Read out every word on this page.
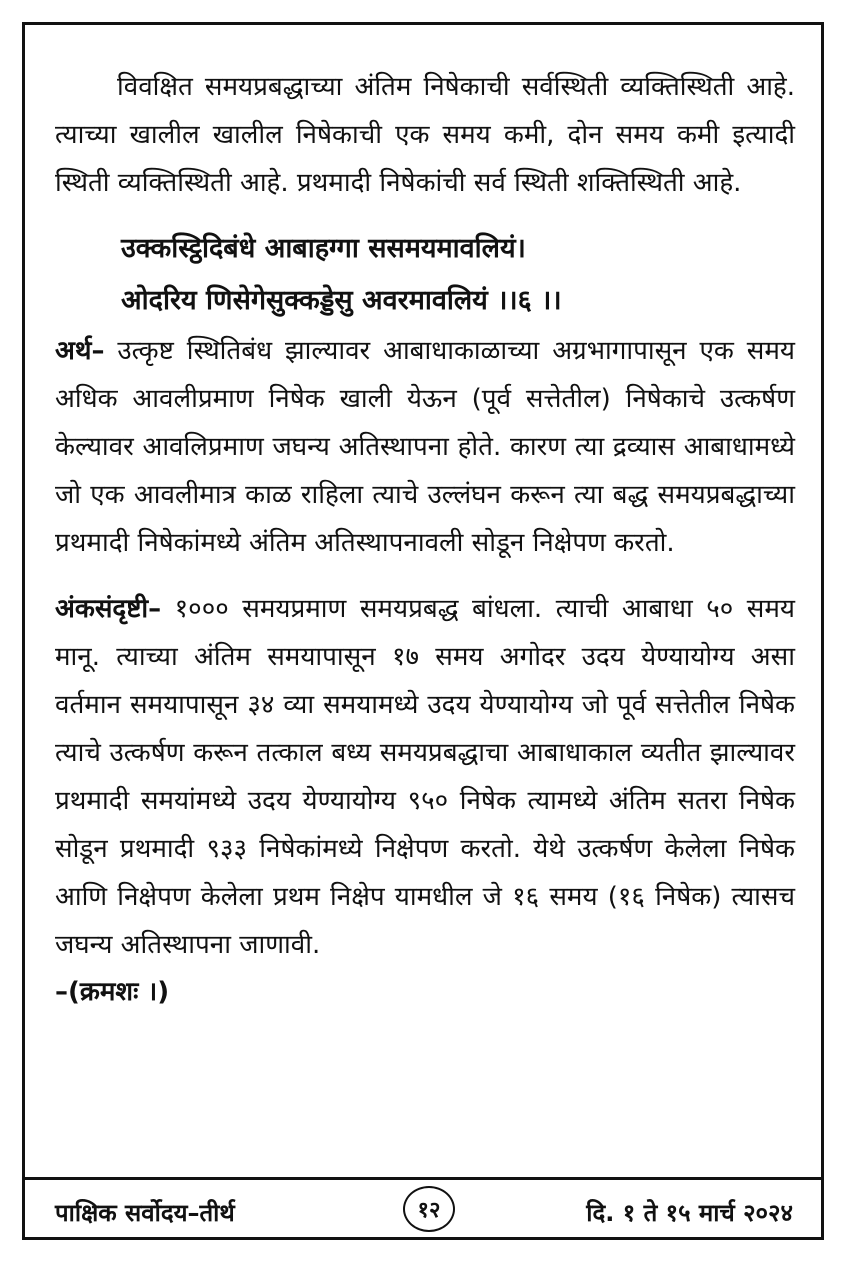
विवक्षित समयप्रबद्धाच्या अंतिम निषेकाची सर्वस्थिती व्यक्तिस्थिती आहे. त्याच्या खालील खालील निषेकाची एक समय कमी, दोन समय कमी इत्यादी स्थिती व्यक्तिस्थिती आहे. प्रथमादी निषेकांची सर्व स्थिती शक्तिस्थिती आहे.

उक्कस्ट्ठिदिबंधे आबाहग्गा ससमयमावलियं।
ओदरिय णिसेगेसुक्कड्डेसु अवरमावलियं ।।६ ।।

अर्थ– उत्कृष्ट स्थितिबंध झाल्यावर आबाधाकाळाच्या अग्रभागापासून एक समय अधिक आवलीप्रमाण निषेक खाली येऊन (पूर्व सत्तेतील) निषेकाचे उत्कर्षण केल्यावर आवलिप्रमाण जघन्य अतिस्थापना होते. कारण त्या द्रव्यास आबाधामध्ये जो एक आवलीमात्र काळ राहिला त्याचे उल्लंघन करून त्या बद्ध समयप्रबद्धाच्या प्रथमादी निषेकांमध्ये अंतिम अतिस्थापनावली सोडून निक्षेपण करतो.

अंकसंदृष्टी– १००० समयप्रमाण समयप्रबद्ध बांधला. त्याची आबाधा ५० समय मानू. त्याच्या अंतिम समयापासून १७ समय अगोदर उदय येण्यायोग्य असा वर्तमान समयापासून ३४ व्या समयामध्ये उदय येण्यायोग्य जो पूर्व सत्तेतील निषेक त्याचे उत्कर्षण करून तत्काल बध्य समयप्रबद्धाचा आबाधाकाल व्यतीत झाल्यावर प्रथमादी समयांमध्ये उदय येण्यायोग्य ९५० निषेक त्यामध्ये अंतिम सतरा निषेक सोडून प्रथमादी ९३३ निषेकांमध्ये निक्षेपण करतो. येथे उत्कर्षण केलेला निषेक आणि निक्षेपण केलेला प्रथम निक्षेप यामधील जे १६ समय (१६ निषेक) त्यासच जघन्य अतिस्थापना जाणावी.

–(क्रमशः ।)

पाक्षिक सर्वोदय–तीर्थ	१२	दि. १ ते १५ मार्च २०२४
